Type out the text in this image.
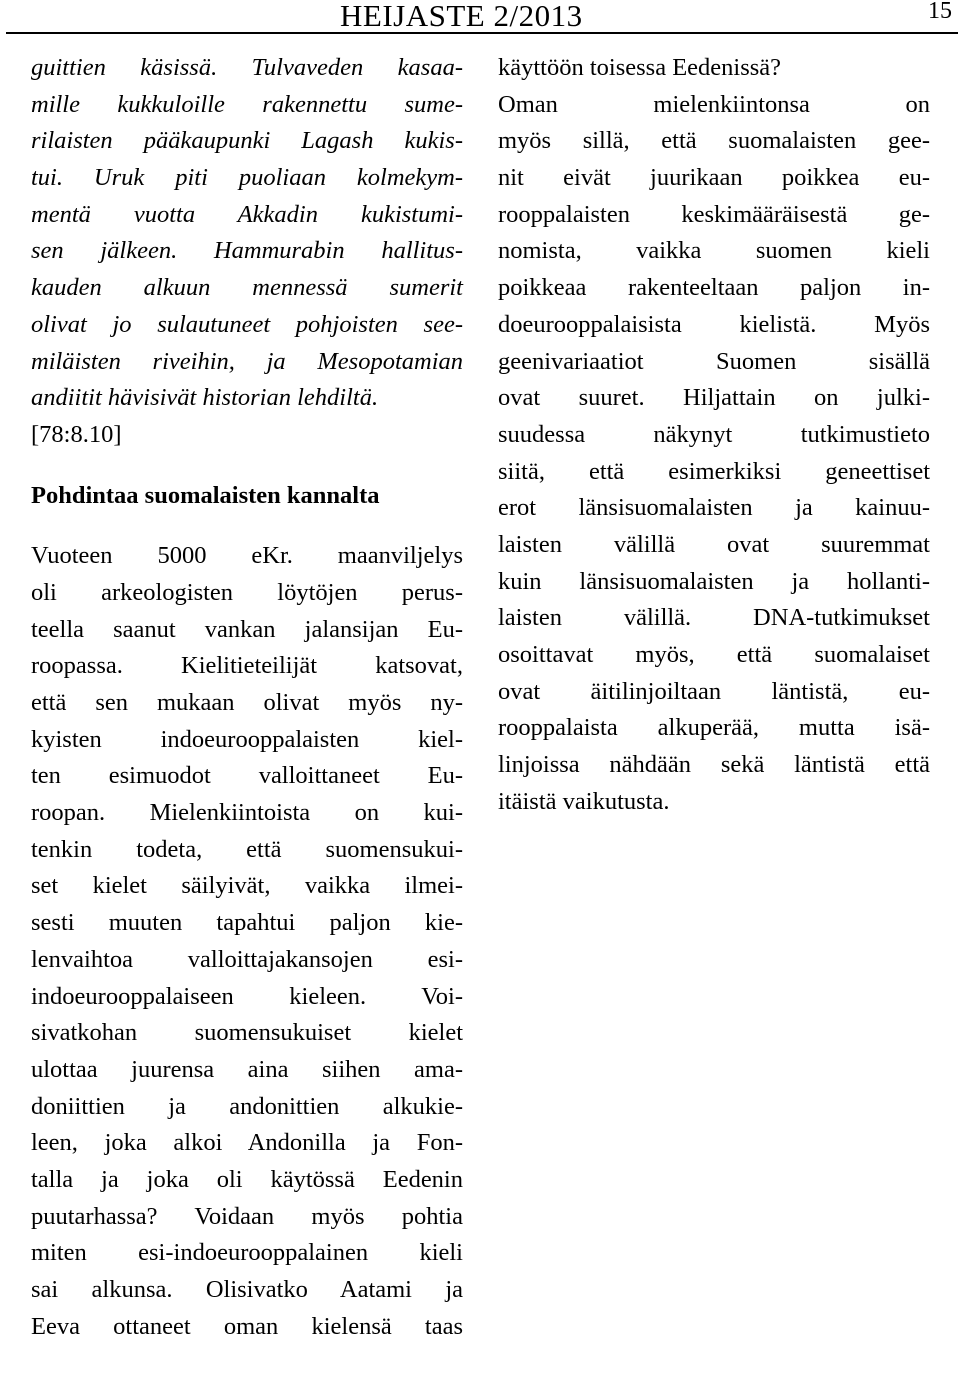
HEIJASTE 2/2013	15
guittien käsissä. Tulvaveden kasaa-
mille kukkuloille rakennettu sume-
rilaisten pääkaupunki Lagash kukis-
tui. Uruk piti puoliaan kolmekym-
mentä vuotta Akkadin kukistumi-
sen jälkeen. Hammurabin hallitus-
kauden alkuun mennessä sumerit
olivat jo sulautuneet pohjoisten see-
miläisten riveihin, ja Mesopotamian
andiitit hävisivät historian lehdiltä.
[78:8.10]
Pohdintaa suomalaisten kannalta
Vuoteen 5000 eKr. maanviljelys
oli arkeologisten löytöjen perus-
teella saanut vankan jalansijan Eu-
roopassa. Kielitieteilijät katsovat,
että sen mukaan olivat myös ny-
kyisten indoeurooppalaisten kiel-
ten esimuodot valloittaneet Eu-
roopan. Mielenkiintoista on kui-
tenkin todeta, että suomensukui-
set kielet säilyivät, vaikka ilmei-
sesti muuten tapahtui paljon kie-
lenvaihtoa valloittajakansojen esi-
indoeurooppalaiseen kieleen. Voi-
sivatkohan suomensukuiset kielet
ulottaa juurensa aina siihen ama-
doniittien ja andonittien alkukie-
leen, joka alkoi Andonilla ja Fon-
talla ja joka oli käytössä Eedenin
puutarhassa? Voidaan myös pohtia
miten esi-indoeurooppalainen kieli
sai alkunsa. Olisivatko Aatami ja
Eeva ottaneet oman kielensä taas
käyttöön toisessa Eedenissä?
Oman mielenkiintonsa on
myös sillä, että suomalaisten gee-
nit eivät juurikaan poikkea eu-
rooppalaisten keskimääräisestä ge-
nomista, vaikka suomen kieli
poikkeaa rakenteeltaan paljon in-
doeurooppalaisista kielistä. Myös
geenivariaatiot Suomen sisällä
ovat suuret. Hiljattain on julki-
suudessa näkynyt tutkimustieto
siitä, että esimerkiksi geneettiset
erot länsisuomalaisten ja kainuu-
laisten välillä ovat suuremmat
kuin länsisuomalaisten ja hollanti-
laisten välillä. DNA-tutkimukset
osoittavat myös, että suomalaiset
ovat äitilinjoiltaan läntistä, eu-
rooppalaista alkuperää, mutta isä-
linjoissa nähdään sekä läntistä että
itäistä vaikutusta.
